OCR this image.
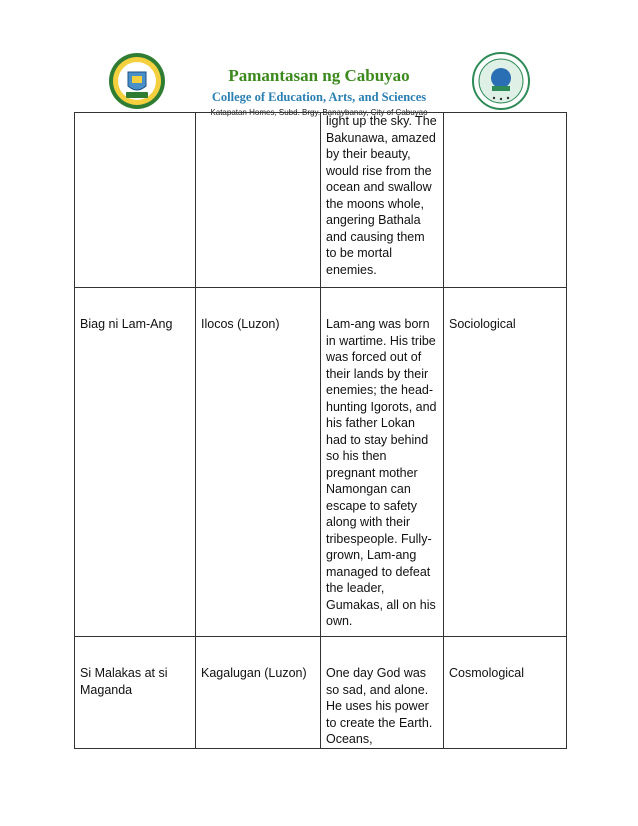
Pamantasan ng Cabuyao
College of Education, Arts, and Sciences
Katapatan Homes, Subd. Brgy. Banaybanay, City of Cabuyao
		light up the sky. The Bakunawa, amazed by their beauty, would rise from the ocean and swallow the moons whole, angering Bathala and causing them to be mortal enemies.	
Biag ni Lam-Ang	Ilocos (Luzon)	Lam-ang was born in wartime. His tribe was forced out of their lands by their enemies; the head-hunting Igorots, and his father Lokan had to stay behind so his then pregnant mother Namongan can escape to safety along with their tribespeople. Fully-grown, Lam-ang managed to defeat the leader, Gumakas, all on his own.	Sociological
Si Malakas at si Maganda	Kagalugan (Luzon)	One day God was so sad, and alone. He uses his power to create the Earth. Oceans,	Cosmological
